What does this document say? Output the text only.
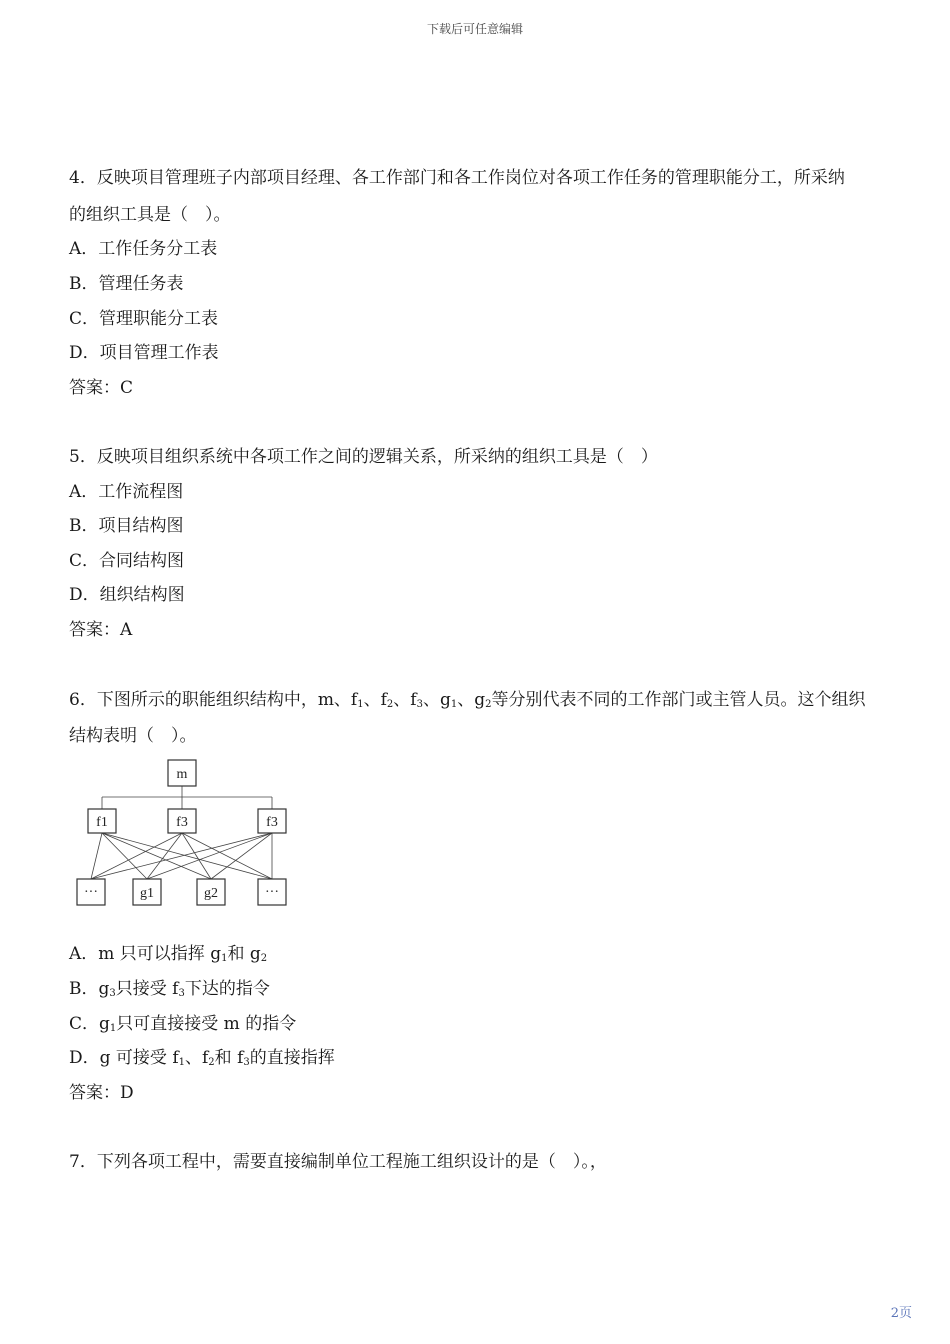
下载后可任意编辑
4．反映项目管理班子内部项目经理、各工作部门和各工作岗位对各项工作任务的管理职能分工，所采纳
的组织工具是（　）。
A．工作任务分工表
B．管理任务表
C．管理职能分工表
D．项目管理工作表
答案：C
5．反映项目组织系统中各项工作之间的逻辑关系，所采纳的组织工具是（　）
A．工作流程图
B．项目结构图
C．合同结构图
D．组织结构图
答案：A
6．下图所示的职能组织结构中，m、$f_1$、$f_2$、$f_3$、$g_1$、$g_2$等分别代表不同的工作部门或主管人员。这个组织
结构表明（　）。
m
f1	f3	f3
···	g1	g2	···
A．m 只可以指挥 $g_1$和 $g_2$
B．$g_3$只接受 $f_3$下达的指令
C．$g_1$只可直接接受 m 的指令
D．g 可接受 $f_1$、$f_2$和 $f_3$的直接指挥
答案：D
7．下列各项工程中，需要直接编制单位工程施工组织设计的是（　）。，
2页
